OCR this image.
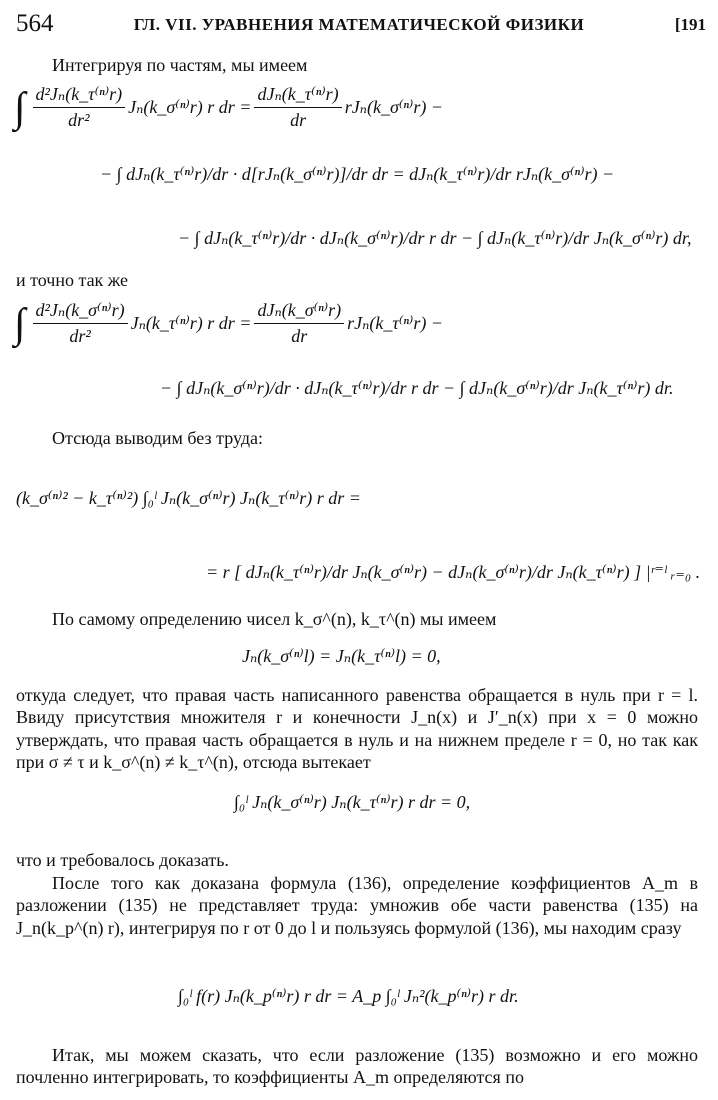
564	ГЛ. VII. УРАВНЕНИЯ МАТЕМАТИЧЕСКОЙ ФИЗИКИ	[191
Интегрируя по частям, мы имеем
∫ $\frac{\text{d²Jₙ(k\_τ⁽ⁿ⁾r)}}{\text{dr²}}$ Jₙ(k_σ⁽ⁿ⁾r) r dr = $\frac{\text{dJₙ(k\_τ⁽ⁿ⁾r)}}{dr}$ rJₙ(k_σ⁽ⁿ⁾r) −
− ∫ dJₙ(k_τ⁽ⁿ⁾r)/dr · d[rJₙ(k_σ⁽ⁿ⁾r)]/dr dr = dJₙ(k_τ⁽ⁿ⁾r)/dr rJₙ(k_σ⁽ⁿ⁾r) −
− ∫ dJₙ(k_τ⁽ⁿ⁾r)/dr · dJₙ(k_σ⁽ⁿ⁾r)/dr r dr − ∫ dJₙ(k_τ⁽ⁿ⁾r)/dr Jₙ(k_σ⁽ⁿ⁾r) dr,
и точно так же
∫ $\frac{\text{d²Jₙ(k\_σ⁽ⁿ⁾r)}}{\text{dr²}}$ Jₙ(k_τ⁽ⁿ⁾r) r dr = $\frac{\text{dJₙ(k\_σ⁽ⁿ⁾r)}}{dr}$ rJₙ(k_τ⁽ⁿ⁾r) −
− ∫ dJₙ(k_σ⁽ⁿ⁾r)/dr · dJₙ(k_τ⁽ⁿ⁾r)/dr r dr − ∫ dJₙ(k_σ⁽ⁿ⁾r)/dr Jₙ(k_τ⁽ⁿ⁾r) dr.
Отсюда выводим без труда:
(k_σ⁽ⁿ⁾² − k_τ⁽ⁿ⁾²) ∫₀ˡ Jₙ(k_σ⁽ⁿ⁾r) Jₙ(k_τ⁽ⁿ⁾r) r dr =
= r [ dJₙ(k_τ⁽ⁿ⁾r)/dr Jₙ(k_σ⁽ⁿ⁾r) − dJₙ(k_σ⁽ⁿ⁾r)/dr Jₙ(k_τ⁽ⁿ⁾r) ] |ʳ⁼ˡ ᵣ₌₀ .
По самому определению чисел k_σ^(n), k_τ^(n) мы имеем
Jₙ(k_σ⁽ⁿ⁾l) = Jₙ(k_τ⁽ⁿ⁾l) = 0,
откуда следует, что правая часть написанного равенства обращается в нуль при r = l. Ввиду присутствия множителя r и конечности J_n(x) и J′_n(x) при x = 0 можно утверждать, что правая часть обращается в нуль и на нижнем пределе r = 0, но так как при σ ≠ τ и k_σ^(n) ≠ k_τ^(n), отсюда вытекает
∫₀ˡ Jₙ(k_σ⁽ⁿ⁾r) Jₙ(k_τ⁽ⁿ⁾r) r dr = 0,
что и требовалось доказать.
После того как доказана формула (136), определение коэффициентов A_m в разложении (135) не представляет труда: умножив обе части равенства (135) на J_n(k_p^(n) r), интегрируя по r от 0 до l и пользуясь формулой (136), мы находим сразу
∫₀ˡ f(r) Jₙ(k_p⁽ⁿ⁾r) r dr = A_p ∫₀ˡ Jₙ²(k_p⁽ⁿ⁾r) r dr.
Итак, мы можем сказать, что если разложение (135) возможно и его можно почленно интегрировать, то коэффициенты A_m определяются по
